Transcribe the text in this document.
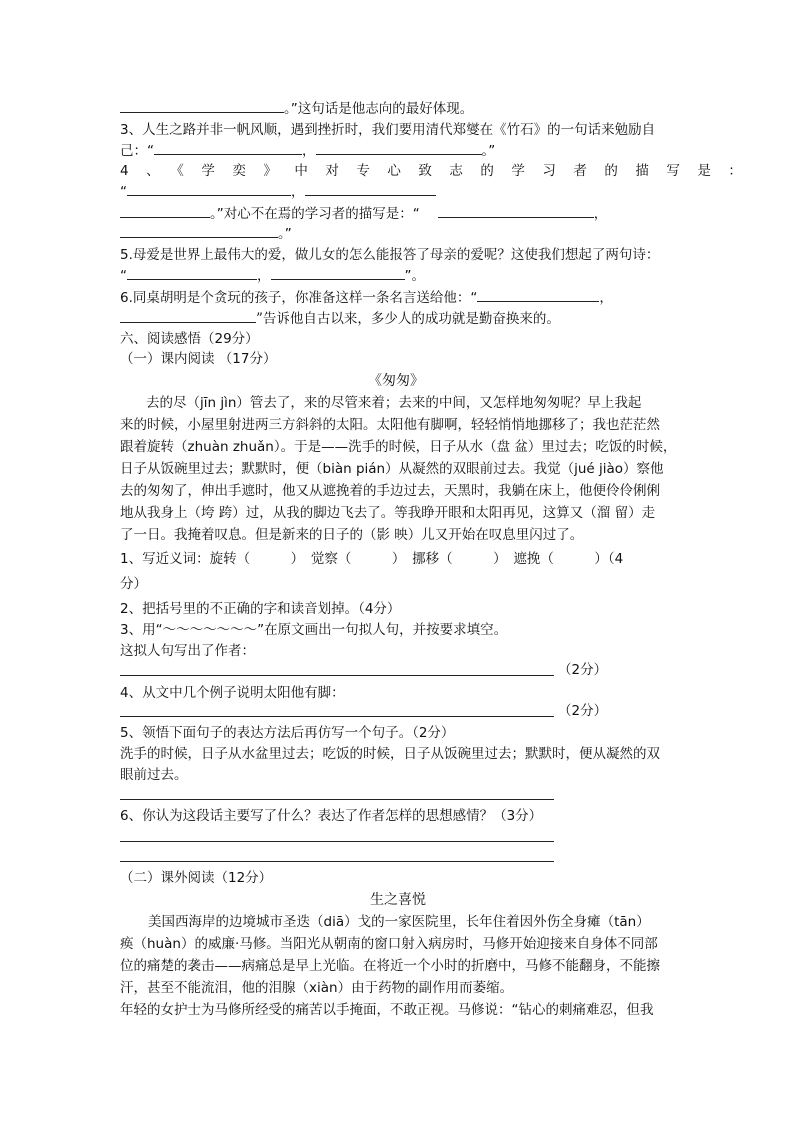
。”这句话是他志向的最好体现。
3、人生之路并非一帆风顺，遇到挫折时，我们要用清代郑燮在《竹石》的一句话来勉励自
己：“	，	。”
4、《学奕》中对专心致志的学习者的描写是：
“	，
。”对心不在焉的学习者的描写是：“	，
。”
5.母爱是世界上最伟大的爱，做儿女的怎么能报答了母亲的爱呢？这使我们想起了两句诗：
“	，	”。
6.同桌胡明是个贪玩的孩子，你准备这样一条名言送给他：“	，
”告诉他自古以来，多少人的成功就是勤奋换来的。
六、阅读感悟（29分）
（一）课内阅读 （17分）
《匆匆》
去的尽（jīn jìn）管去了，来的尽管来着；去来的中间，又怎样地匆匆呢？早上我起
来的时候，小屋里射进两三方斜斜的太阳。太阳他有脚啊，轻轻悄悄地挪移了；我也茫茫然
跟着旋转（zhuàn zhuǎn）。于是——洗手的时候，日子从水（盘 盆）里过去；吃饭的时候，
日子从饭碗里过去；默默时，便（biàn pián）从凝然的双眼前过去。我觉（jué jiào）察他
去的匆匆了，伸出手遮时，他又从遮挽着的手边过去，天黑时，我躺在床上，他便伶伶俐俐
地从我身上（垮 跨）过，从我的脚边飞去了。等我睁开眼和太阳再见，这算又（溜 留）走
了一日。我掩着叹息。但是新来的日子的（影 映）儿又开始在叹息里闪过了。
1、写近义词：旋转（　　　）　觉察（　　　）　挪移（　　　）　遮挽（　　　）（4
分）
2、把括号里的不正确的字和读音划掉。（4分）
3、用“～～～～～～～”在原文画出一句拟人句，并按要求填空。
这拟人句写出了作者：
（2分）
4、从文中几个例子说明太阳他有脚：
（2分）
5、领悟下面句子的表达方法后再仿写一个句子。（2分）
洗手的时候，日子从水盆里过去；吃饭的时候，日子从饭碗里过去；默默时，便从凝然的双
眼前过去。
6、你认为这段话主要写了什么？表达了作者怎样的思想感情？（3分）
（二）课外阅读（12分）
生之喜悦
美国西海岸的边境城市圣迭（diā）戈的一家医院里，长年住着因外伤全身瘫（tān）
痪（huàn）的威廉·马修。当阳光从朝南的窗口射入病房时，马修开始迎接来自身体不同部
位的痛楚的袭击——病痛总是早上光临。在将近一个小时的折磨中，马修不能翻身，不能擦
汗，甚至不能流泪，他的泪腺（xiàn）由于药物的副作用而萎缩。
年轻的女护士为马修所经受的痛苦以手掩面，不敢正视。马修说：“钻心的刺痛难忍，但我
